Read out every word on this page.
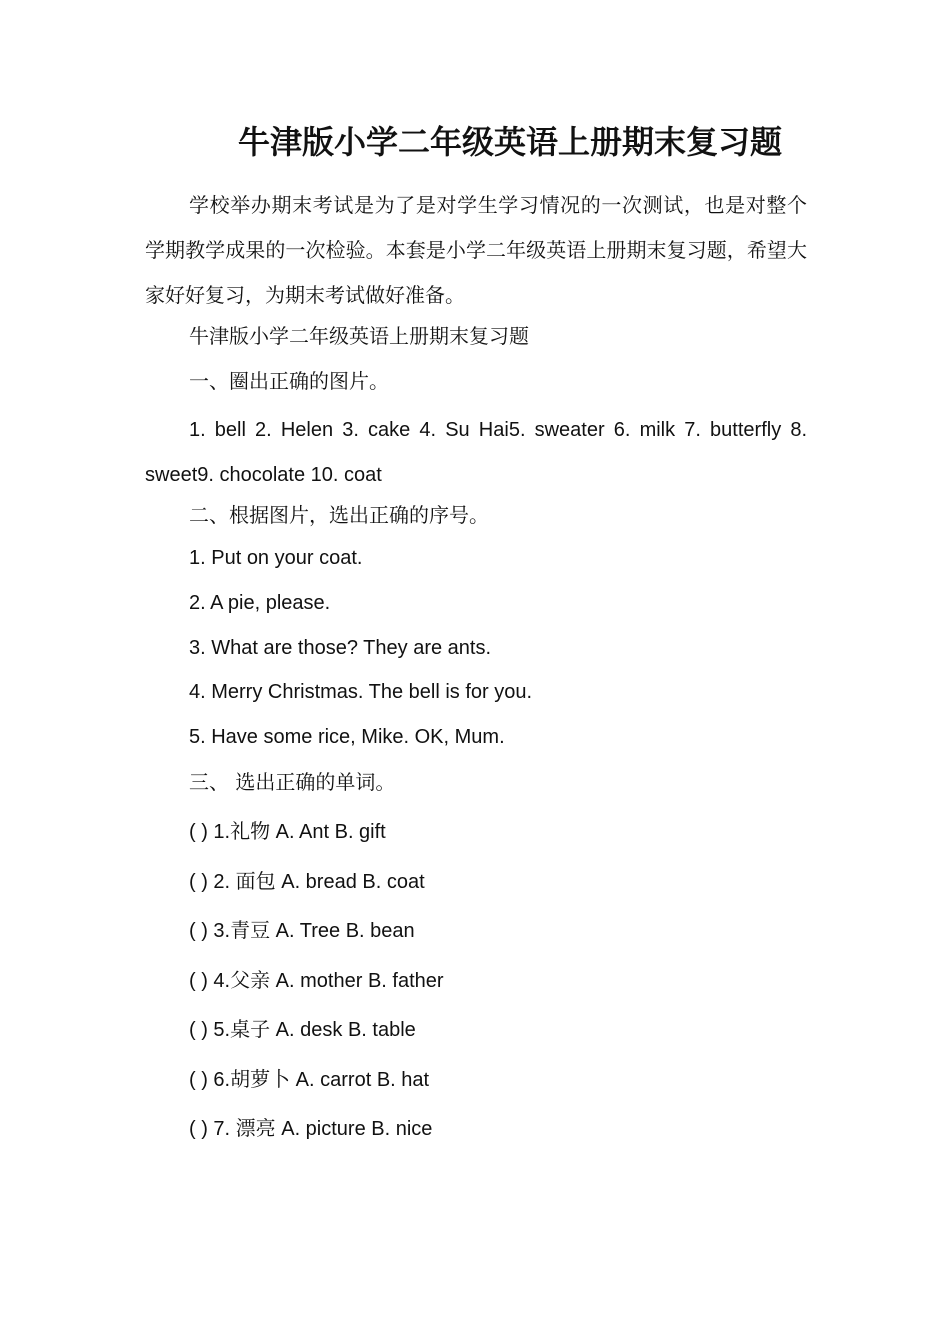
牛津版小学二年级英语上册期末复习题

学校举办期末考试是为了是对学生学习情况的一次测试，也是对整个学期教学成果的一次检验。本套是小学二年级英语上册期末复习题，希望大家好好复习，为期末考试做好准备。

牛津版小学二年级英语上册期末复习题

一、圈出正确的图片。

1. bell 2. Helen 3. cake 4. Su Hai5. sweater 6. milk 7. butterfly 8.
sweet9. chocolate 10. coat

二、根据图片，选出正确的序号。

1. Put on your coat.

2. A pie, please.

3. What are those? They are ants.

4. Merry Christmas. The bell is for you.

5. Have some rice, Mike. OK, Mum.

三、 选出正确的单词。

( ) 1.礼物 A. Ant B. gift

( ) 2. 面包 A. bread B. coat

( ) 3.青豆 A. Tree B. bean

( ) 4.父亲 A. mother B. father

( ) 5.桌子 A. desk B. table

( ) 6.胡萝卜 A. carrot B. hat

( ) 7. 漂亮 A. picture B. nice
